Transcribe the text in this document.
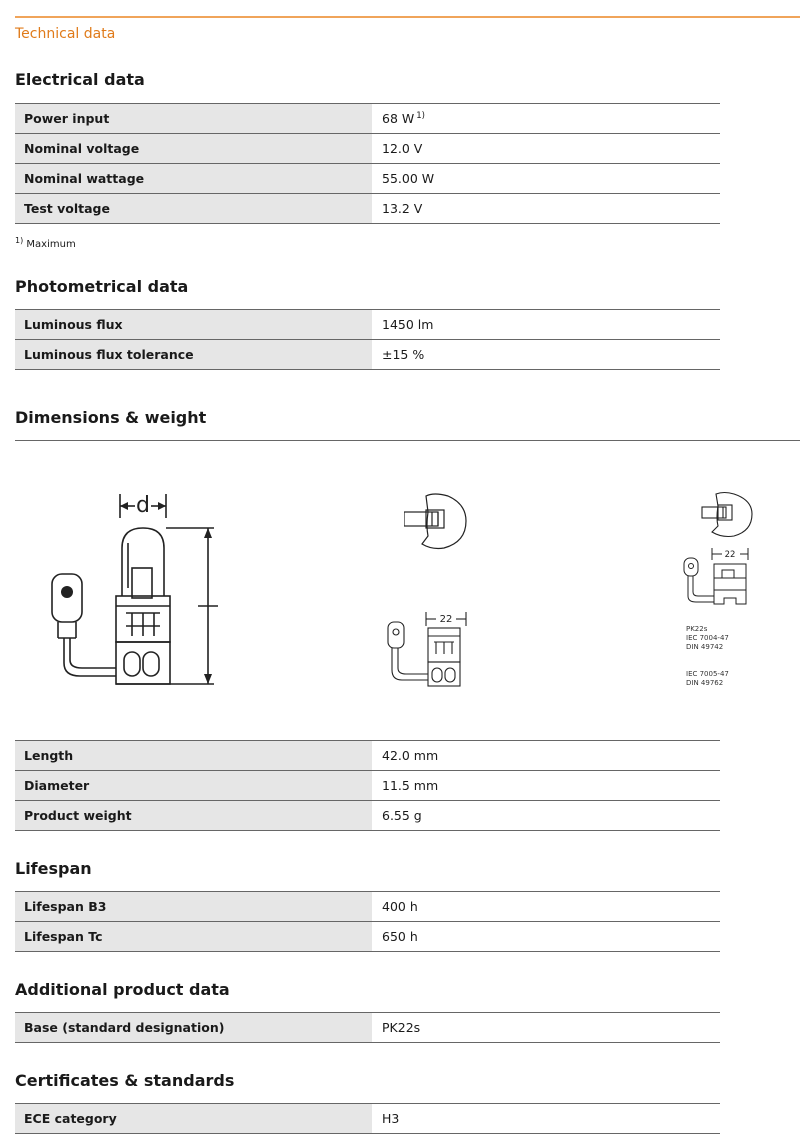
Technical data
Electrical data
Power input	68 W $^{1)}$
Nominal voltage	12.0 V
Nominal wattage	55.00 W
Test voltage	13.2 V
$^{1)}$ Maximum
Photometrical data
Luminous flux	1450 lm
Luminous flux tolerance	±15 %
Dimensions & weight
d
22
22
PK22s
IEC 7004-47
DIN 49742
IEC 7005-47
DIN 49762
Length	42.0 mm
Diameter	11.5 mm
Product weight	6.55 g
Lifespan
Lifespan B3	400 h
Lifespan Tc	650 h
Additional product data
Base (standard designation)	PK22s
Certificates & standards
ECE category	H3
